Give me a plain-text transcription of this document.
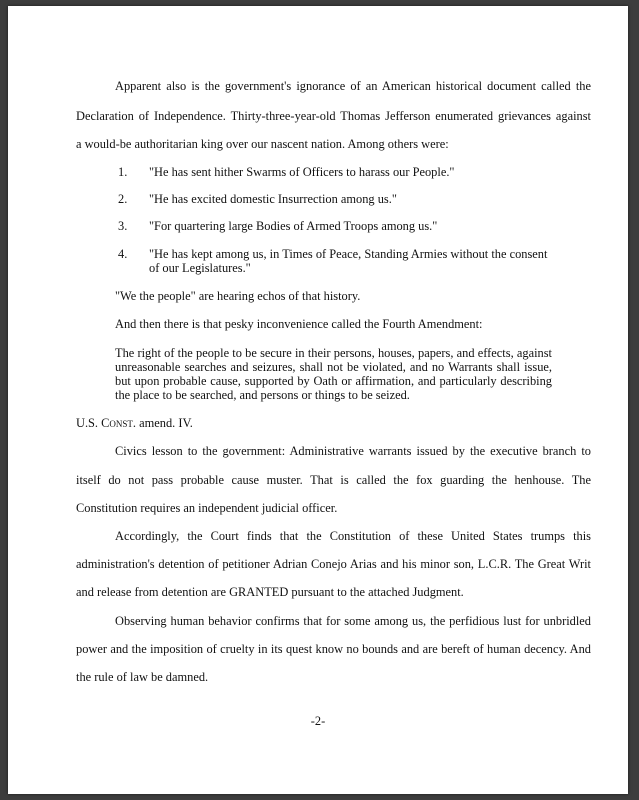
Apparent also is the government's ignorance of an American historical document called the
Declaration of Independence. Thirty-three-year-old Thomas Jefferson enumerated grievances against
a would-be authoritarian king over our nascent nation. Among others were:
1. "He has sent hither Swarms of Officers to harass our People."
2. "He has excited domestic Insurrection among us."
3. "For quartering large Bodies of Armed Troops among us."
4. "He has kept among us, in Times of Peace, Standing Armies without the consent
of our Legislatures."
"We the people" are hearing echos of that history.
And then there is that pesky inconvenience called the Fourth Amendment:
The right of the people to be secure in their persons, houses, papers, and effects, against
unreasonable searches and seizures, shall not be violated, and no Warrants shall issue,
but upon probable cause, supported by Oath or affirmation, and particularly describing
the place to be searched, and persons or things to be seized.
U.S. Const. amend. IV.
Civics lesson to the government: Administrative warrants issued by the executive branch to
itself do not pass probable cause muster. That is called the fox guarding the henhouse. The
Constitution requires an independent judicial officer.
Accordingly, the Court finds that the Constitution of these United States trumps this
administration's detention of petitioner Adrian Conejo Arias and his minor son, L.C.R. The Great Writ
and release from detention are GRANTED pursuant to the attached Judgment.
Observing human behavior confirms that for some among us, the perfidious lust for unbridled
power and the imposition of cruelty in its quest know no bounds and are bereft of human decency. And
the rule of law be damned.
-2-
